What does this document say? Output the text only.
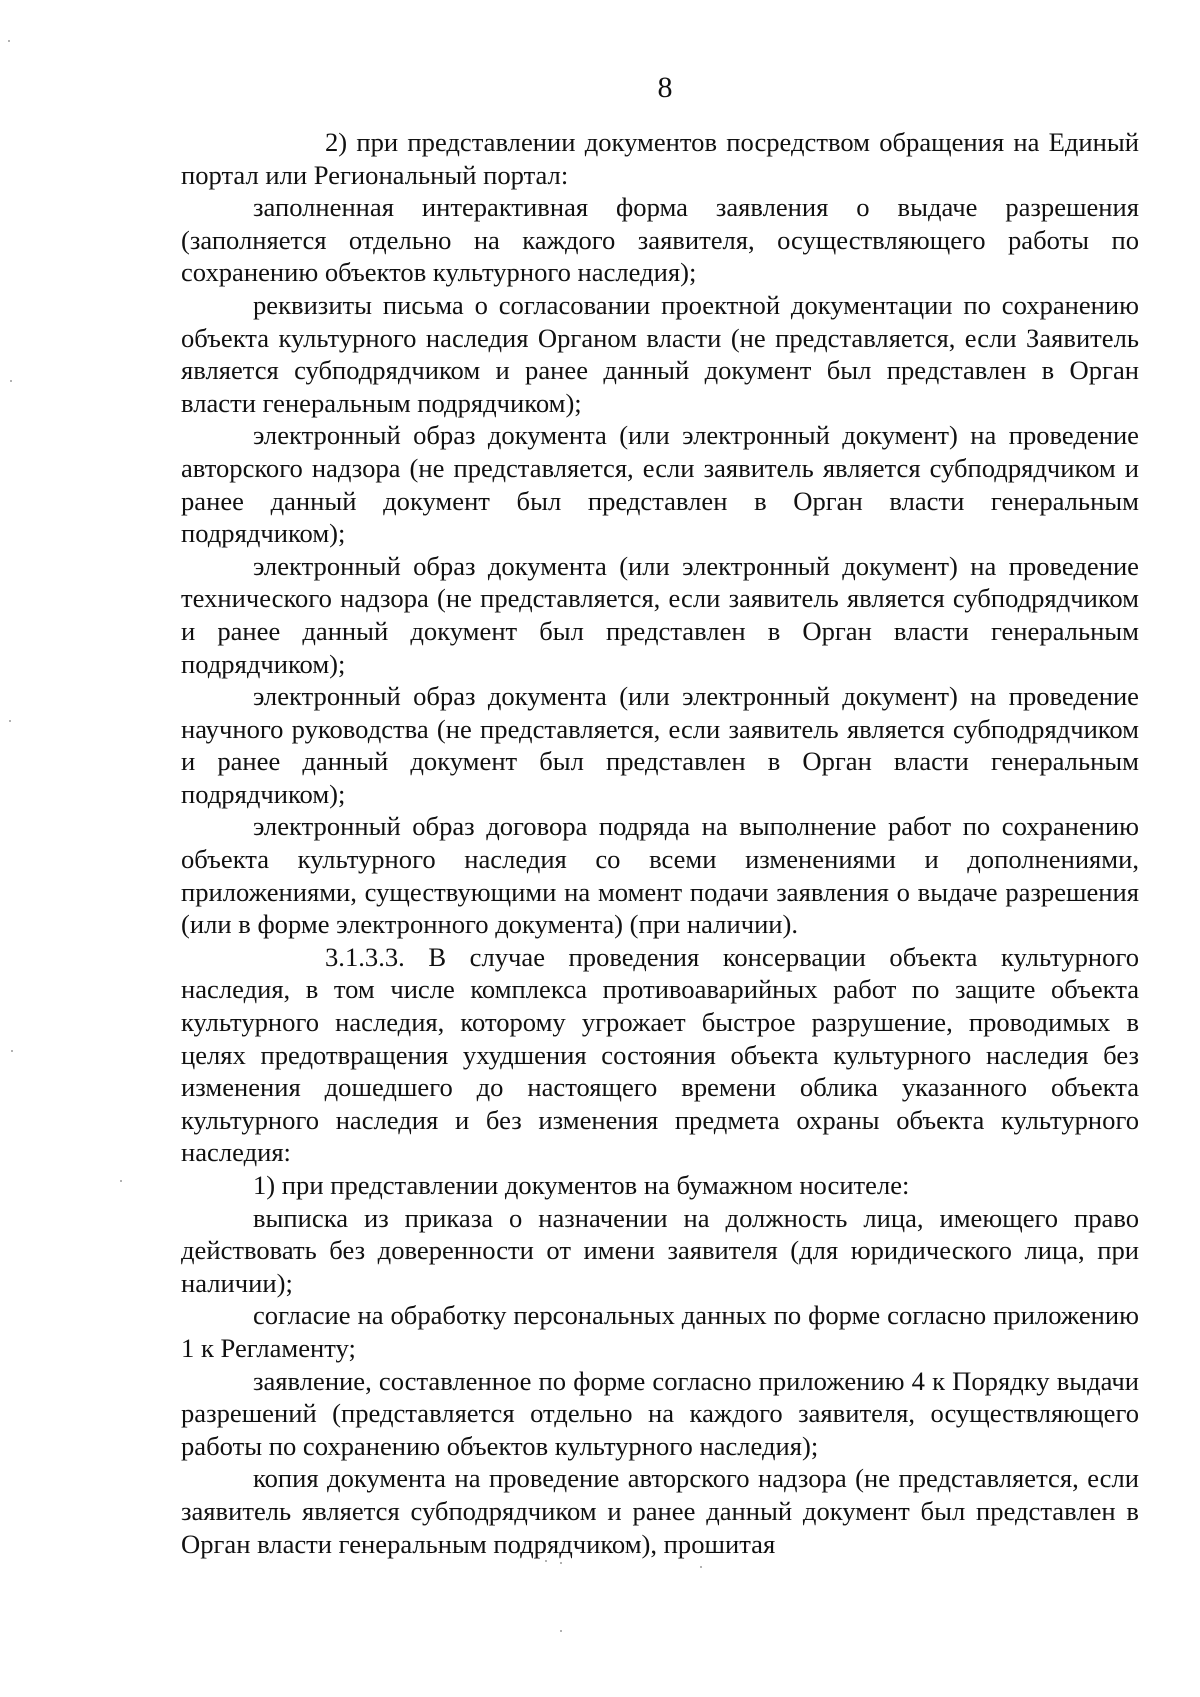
8

2) при представлении документов посредством обращения на Единый портал или Региональный портал:

заполненная интерактивная форма заявления о выдаче разрешения (заполняется отдельно на каждого заявителя, осуществляющего работы по сохранению объектов культурного наследия);

реквизиты письма о согласовании проектной документации по сохранению объекта культурного наследия Органом власти (не представляется, если Заявитель является субподрядчиком и ранее данный документ был представлен в Орган власти генеральным подрядчиком);

электронный образ документа (или электронный документ) на проведение авторского надзора (не представляется, если заявитель является субподрядчиком и ранее данный документ был представлен в Орган власти генеральным подрядчиком);

электронный образ документа (или электронный документ) на проведение технического надзора (не представляется, если заявитель является субподрядчиком и ранее данный документ был представлен в Орган власти генеральным подрядчиком);

электронный образ документа (или электронный документ) на проведение научного руководства (не представляется, если заявитель является субподрядчиком и ранее данный документ был представлен в Орган власти генеральным подрядчиком);

электронный образ договора подряда на выполнение работ по сохранению объекта культурного наследия со всеми изменениями и дополнениями, приложениями, существующими на момент подачи заявления о выдаче разрешения (или в форме электронного документа) (при наличии).

3.1.3.3. В случае проведения консервации объекта культурного наследия, в том числе комплекса противоаварийных работ по защите объекта культурного наследия, которому угрожает быстрое разрушение, проводимых в целях предотвращения ухудшения состояния объекта культурного наследия без изменения дошедшего до настоящего времени облика указанного объекта культурного наследия и без изменения предмета охраны объекта культурного наследия:

1) при представлении документов на бумажном носителе:

выписка из приказа о назначении на должность лица, имеющего право действовать без доверенности от имени заявителя (для юридического лица, при наличии);

согласие на обработку персональных данных по форме согласно приложению 1 к Регламенту;

заявление, составленное по форме согласно приложению 4 к Порядку выдачи разрешений (представляется отдельно на каждого заявителя, осуществляющего работы по сохранению объектов культурного наследия);

копия документа на проведение авторского надзора (не представляется, если заявитель является субподрядчиком и ранее данный документ был представлен в Орган власти генеральным подрядчиком), прошитая
